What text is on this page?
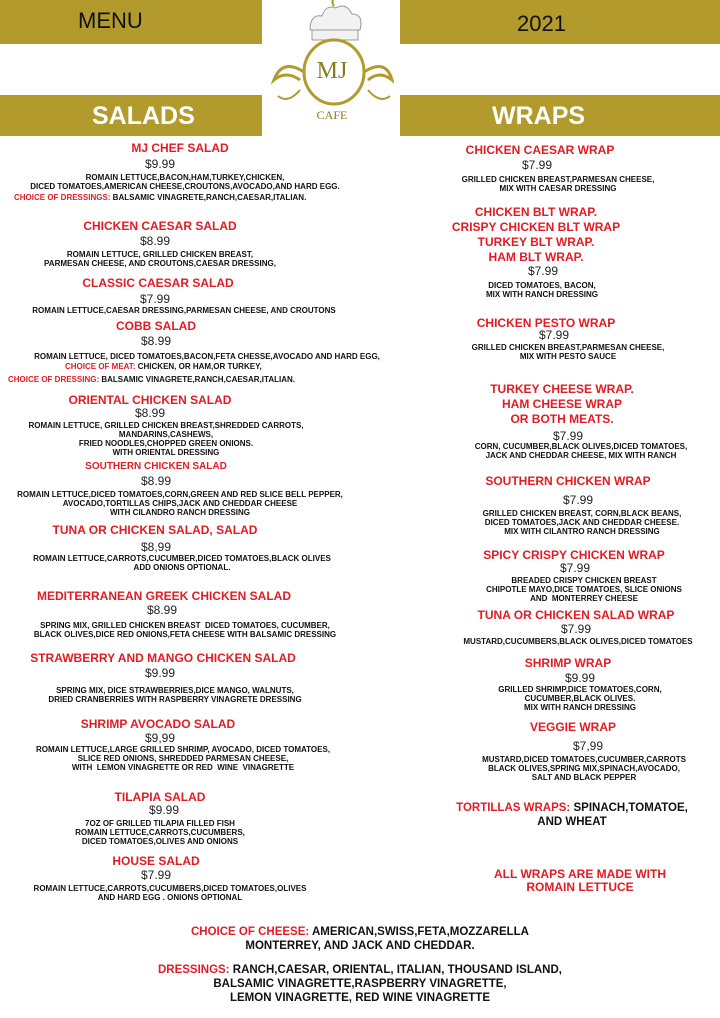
MENU	2021
SALADS	WRAPS
MJ
CAFE
MJ CHEF SALAD
$9.99
ROMAIN LETTUCE,BACON,HAM,TURKEY,CHICKEN,
DICED TOMATOES,AMERICAN CHEESE,CROUTONS,AVOCADO,AND HARD EGG.
CHOICE OF DRESSINGS: BALSAMIC VINAGRETE,RANCH,CAESAR,ITALIAN.
CHICKEN CAESAR SALAD
$8.99
ROMAIN LETTUCE, GRILLED CHICKEN BREAST,
PARMESAN CHEESE, AND CROUTONS,CAESAR DRESSING,
CLASSIC CAESAR SALAD
$7.99
ROMAIN LETTUCE,CAESAR DRESSING,PARMESAN CHEESE, AND CROUTONS
COBB SALAD
$8.99
ROMAIN LETTUCE, DICED TOMATOES,BACON,FETA CHESSE,AVOCADO AND HARD EGG,
CHOICE OF MEAT: CHICKEN, OR HAM,OR TURKEY,
CHOICE OF DRESSING: BALSAMIC VINAGRETE,RANCH,CAESAR,ITALIAN.
ORIENTAL CHICKEN SALAD
$8.99
ROMAIN LETTUCE, GRILLED CHICKEN BREAST,SHREDDED CARROTS,
MANDARINS,CASHEWS,
FRIED NOODLES,CHOPPED GREEN ONIONS.
WITH ORIENTAL DRESSING
SOUTHERN CHICKEN SALAD
$8.99
ROMAIN LETTUCE,DICED TOMATOES,CORN,GREEN AND RED SLICE BELL PEPPER,
AVOCADO,TORTILLAS CHIPS,JACK AND CHEDDAR CHEESE
WITH CILANDRO RANCH DRESSING
TUNA OR CHICKEN SALAD, SALAD
$8,99
ROMAIN LETTUCE,CARROTS,CUCUMBER,DICED TOMATOES,BLACK OLIVES
ADD ONIONS OPTIONAL.
MEDITERRANEAN GREEK CHICKEN SALAD
$8.99
SPRING MIX, GRILLED CHICKEN BREAST  DICED TOMATOES, CUCUMBER,
BLACK OLIVES,DICE RED ONIONS,FETA CHEESE WITH BALSAMIC DRESSING
STRAWBERRY AND MANGO CHICKEN SALAD
$9.99
SPRING MIX, DICE STRAWBERRIES,DICE MANGO, WALNUTS,
DRIED CRANBERRIES WITH RASPBERRY VINAGRETE DRESSING
SHRIMP AVOCADO SALAD
$9,99
ROMAIN LETTUCE,LARGE GRILLED SHRIMP, AVOCADO, DICED TOMATOES,
SLICE RED ONIONS, SHREDDED PARMESAN CHEESE,
WITH  LEMON VINAGRETTE OR RED  WINE  VINAGRETTE
TILAPIA SALAD
$9.99
7OZ OF GRILLED TILAPIA FILLED FISH
ROMAIN LETTUCE,CARROTS,CUCUMBERS,
DICED TOMATOES,OLIVES AND ONIONS
HOUSE SALAD
$7.99
ROMAIN LETTUCE,CARROTS,CUCUMBERS,DICED TOMATOES,OLIVES
AND HARD EGG . ONIONS OPTIONAL
CHICKEN CAESAR WRAP
$7.99
GRILLED CHICKEN BREAST,PARMESAN CHEESE,
MIX WITH CAESAR DRESSING
CHICKEN BLT WRAP.
CRISPY CHICKEN BLT WRAP
TURKEY BLT WRAP.
HAM BLT WRAP.
$7.99
DICED TOMATOES, BACON,
MIX WITH RANCH DRESSING
CHICKEN PESTO WRAP
$7.99
GRILLED CHICKEN BREAST,PARMESAN CHEESE,
MIX WITH PESTO SAUCE
TURKEY CHEESE WRAP.
HAM CHEESE WRAP
OR BOTH MEATS.
$7.99
CORN, CUCUMBER,BLACK OLIVES,DICED TOMATOES,
JACK AND CHEDDAR CHEESE, MIX WITH RANCH
SOUTHERN CHICKEN WRAP
$7.99
GRILLED CHICKEN BREAST, CORN,BLACK BEANS,
DICED TOMATOES,JACK AND CHEDDAR CHEESE.
MIX WITH CILANTRO RANCH DRESSING
SPICY CRISPY CHICKEN WRAP
$7.99
BREADED CRISPY CHICKEN BREAST
CHIPOTLE MAYO,DICE TOMATOES, SLICE ONIONS
AND  MONTERREY CHEESE
TUNA OR CHICKEN SALAD WRAP
$7.99
MUSTARD,CUCUMBERS,BLACK OLIVES,DICED TOMATOES
SHRIMP WRAP
$9.99
GRILLED SHRIMP,DICE TOMATOES,CORN,
CUCUMBER,BLACK OLIVES.
MIX WITH RANCH DRESSING
VEGGIE WRAP
$7,99
MUSTARD,DICED TOMATOES,CUCUMBER,CARROTS
BLACK OLIVES,SPRING MIX,SPINACH,AVOCADO,
SALT AND BLACK PEPPER
TORTILLAS WRAPS: SPINACH,TOMATOE,
AND WHEAT
ALL WRAPS ARE MADE WITH
ROMAIN LETTUCE
CHOICE OF CHEESE: AMERICAN,SWISS,FETA,MOZZARELLA
MONTERREY, AND JACK AND CHEDDAR.
DRESSINGS: RANCH,CAESAR, ORIENTAL, ITALIAN, THOUSAND ISLAND,
BALSAMIC VINAGRETTE,RASPBERRY VINAGRETTE,
LEMON VINAGRETTE, RED WINE VINAGRETTE
